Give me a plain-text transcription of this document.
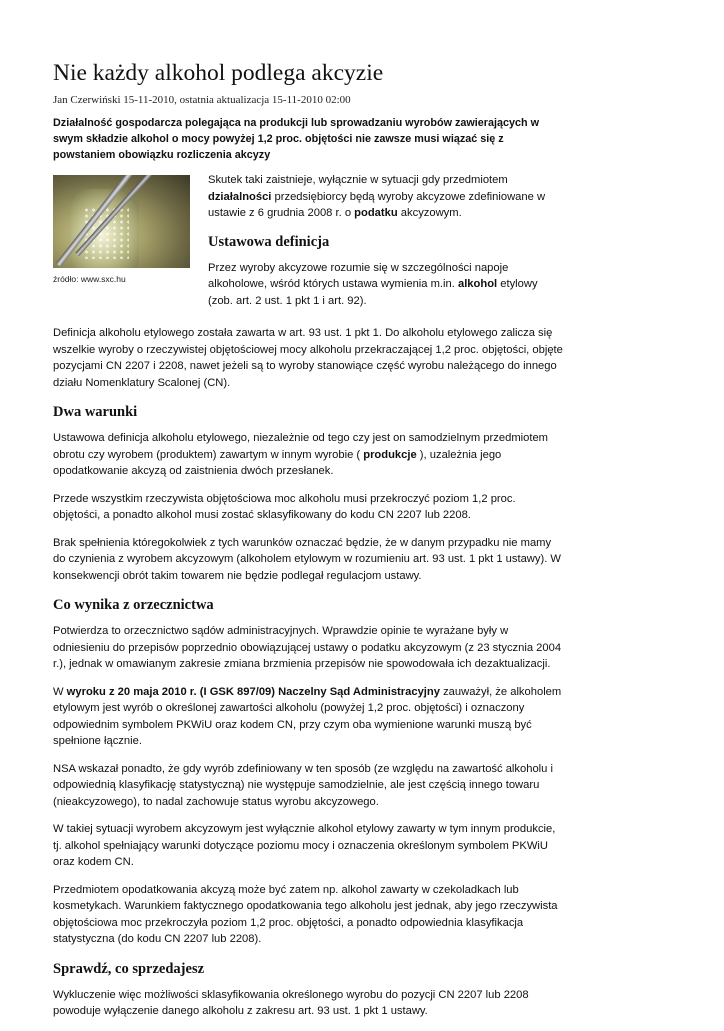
Nie każdy alkohol podlega akcyzie
Jan Czerwiński 15-11-2010, ostatnia aktualizacja 15-11-2010 02:00
Działalność gospodarcza polegająca na produkcji lub sprowadzaniu wyrobów zawierających w swym składzie alkohol o mocy powyżej 1,2 proc. objętości nie zawsze musi wiązać się z powstaniem obowiązku rozliczenia akcyzy
źródło: www.sxc.hu

Skutek taki zaistnieje, wyłącznie w sytuacji gdy przedmiotem działalności przedsiębiorcy będą wyroby akcyzowe zdefiniowane w ustawie z 6 grudnia 2008 r. o podatku akcyzowym.

Ustawowa definicja

Przez wyroby akcyzowe rozumie się w szczególności napoje alkoholowe, wśród których ustawa wymienia m.in. alkohol etylowy (zob. art. 2 ust. 1 pkt 1 i art. 92).

Definicja alkoholu etylowego została zawarta w art. 93 ust. 1 pkt 1. Do alkoholu etylowego zalicza się wszelkie wyroby o rzeczywistej objętościowej mocy alkoholu przekraczającej 1,2 proc. objętości, objęte pozycjami CN 2207 i 2208, nawet jeżeli są to wyroby stanowiące część wyrobu należącego do innego działu Nomenklatury Scalonej (CN).

Dwa warunki

Ustawowa definicja alkoholu etylowego, niezależnie od tego czy jest on samodzielnym przedmiotem obrotu czy wyrobem (produktem) zawartym w innym wyrobie ( produkcje ), uzależnia jego opodatkowanie akcyzą od zaistnienia dwóch przesłanek.

Przede wszystkim rzeczywista objętościowa moc alkoholu musi przekroczyć poziom 1,2 proc. objętości, a ponadto alkohol musi zostać sklasyfikowany do kodu CN 2207 lub 2208.

Brak spełnienia któregokolwiek z tych warunków oznaczać będzie, że w danym przypadku nie mamy do czynienia z wyrobem akcyzowym (alkoholem etylowym w rozumieniu art. 93 ust. 1 pkt 1 ustawy). W konsekwencji obrót takim towarem nie będzie podlegał regulacjom ustawy.

Co wynika z orzecznictwa

Potwierdza to orzecznictwo sądów administracyjnych. Wprawdzie opinie te wyrażane były w odniesieniu do przepisów poprzednio obowiązującej ustawy o podatku akcyzowym (z 23 stycznia 2004 r.), jednak w omawianym zakresie zmiana brzmienia przepisów nie spowodowała ich dezaktualizacji.

W wyroku z 20 maja 2010 r. (I GSK 897/09) Naczelny Sąd Administracyjny zauważył, że alkoholem etylowym jest wyrób o określonej zawartości alkoholu (powyżej 1,2 proc. objętości) i oznaczony odpowiednim symbolem PKWiU oraz kodem CN, przy czym oba wymienione warunki muszą być spełnione łącznie.

NSA wskazał ponadto, że gdy wyrób zdefiniowany w ten sposób (ze względu na zawartość alkoholu i odpowiednią klasyfikację statystyczną) nie występuje samodzielnie, ale jest częścią innego towaru (nieakcyzowego), to nadal zachowuje status wyrobu akcyzowego.

W takiej sytuacji wyrobem akcyzowym jest wyłącznie alkohol etylowy zawarty w tym innym produkcie, tj. alkohol spełniający warunki dotyczące poziomu mocy i oznaczenia określonym symbolem PKWiU oraz kodem CN.

Przedmiotem opodatkowania akcyzą może być zatem np. alkohol zawarty w czekoladkach lub kosmetykach. Warunkiem faktycznego opodatkowania tego alkoholu jest jednak, aby jego rzeczywista objętościowa moc przekroczyła poziom 1,2 proc. objętości, a ponadto odpowiednia klasyfikacja statystyczna (do kodu CN 2207 lub 2208).

Sprawdź, co sprzedajesz

Wykluczenie więc możliwości sklasyfikowania określonego wyrobu do pozycji CN 2207 lub 2208 powoduje wyłączenie danego alkoholu z zakresu art. 93 ust. 1 pkt 1 ustawy.
